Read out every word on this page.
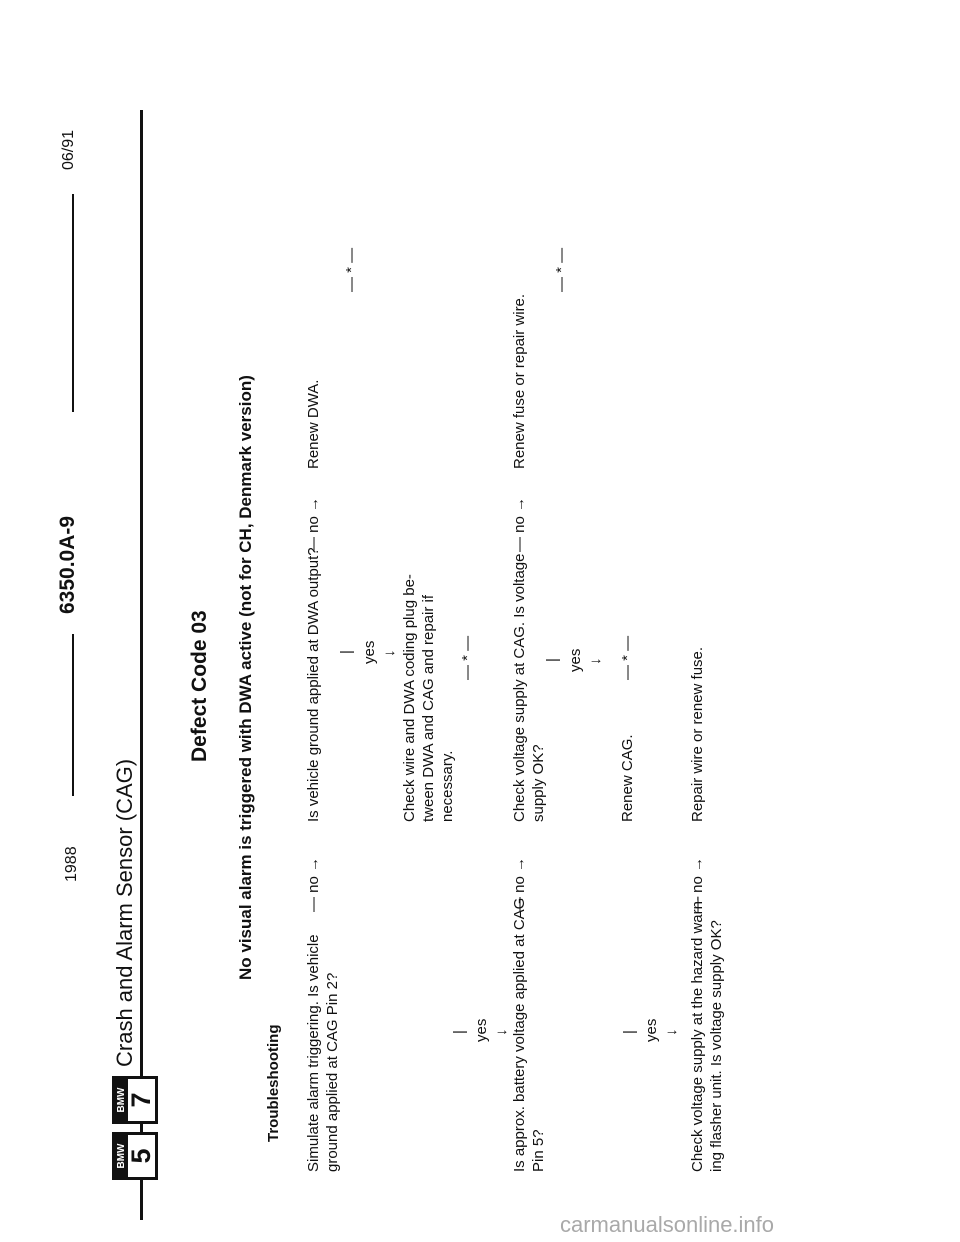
06/91
6350.0A-9
1988
BMW 5
BMW 7
Crash and Alarm Sensor (CAG)
Defect Code 03 No visual alarm is triggered with DWA active (not for CH, Denmark version)
Troubleshooting Simulate alarm triggering. Is vehicle ground applied at CAG Pin 2?
— no →
Is vehicle ground applied at DWA output?
— no →
Renew DWA.
— * —
| yes ↓ Check wire and DWA coding plug be- tween DWA and CAG and repair if necessary.
— * —
| yes ↓ Is approx. battery voltage applied at CAG Pin 5?
— no →
Check voltage supply at CAG. Is voltage supply OK?
— no →
Renew fuse or repair wire.
— * —
| yes ↓
Renew CAG.
— * —
| yes ↓ Check voltage supply at the hazard warn- ing flasher unit. Is voltage supply OK?
— no →
Repair wire or renew fuse.
carmanualsonline.info
